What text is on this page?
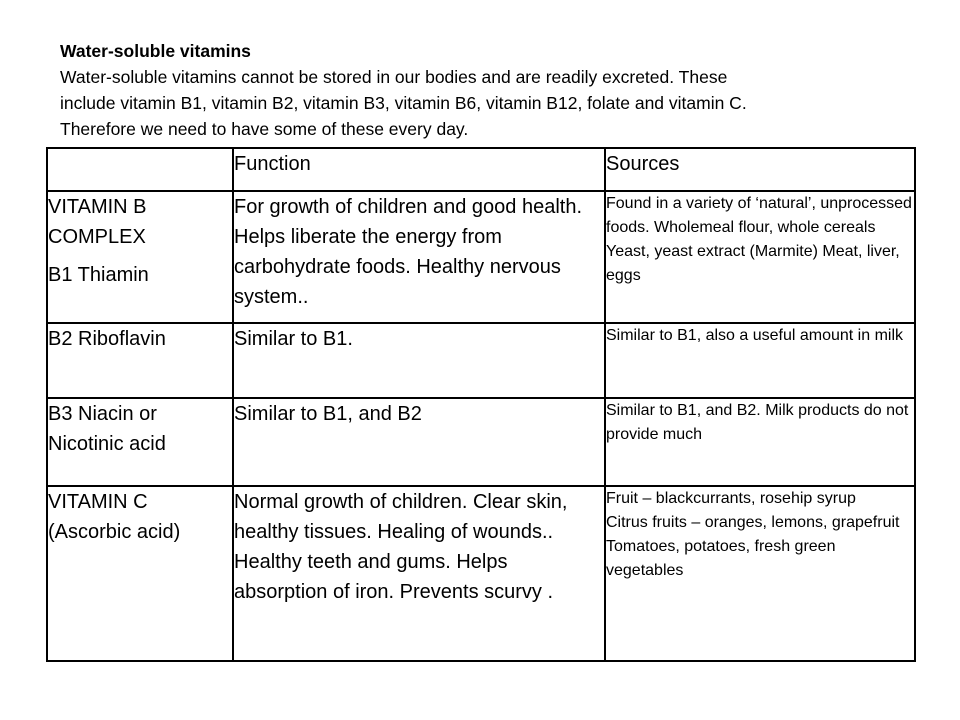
Water-soluble vitamins
Water-soluble vitamins cannot be stored in our bodies and are readily excreted. These
include vitamin B1, vitamin B2, vitamin B3, vitamin B6, vitamin B12, folate and vitamin C.
Therefore we need to have some of these every day.
	Function	Sources

VITAMIN B
COMPLEX
B1 Thiamin	For growth of children and good health. Helps liberate the energy from carbohydrate foods. Healthy nervous system..	Found in a variety of ‘natural’, unprocessed foods. Wholemeal flour, whole cereals Yeast, yeast extract (Marmite) Meat, liver, eggs

B2 Riboflavin	Similar to B1.	Similar to B1, also a useful amount in milk

B3 Niacin or
Nicotinic acid	Similar to B1, and B2	Similar to B1, and B2. Milk products do not provide much

VITAMIN C
(Ascorbic acid)	Normal growth of children. Clear skin, healthy tissues. Healing of wounds.. Healthy teeth and gums. Helps absorption of iron. Prevents scurvy .	Fruit – blackcurrants, rosehip syrup
Citrus fruits – oranges, lemons, grapefruit
Tomatoes, potatoes, fresh green vegetables
